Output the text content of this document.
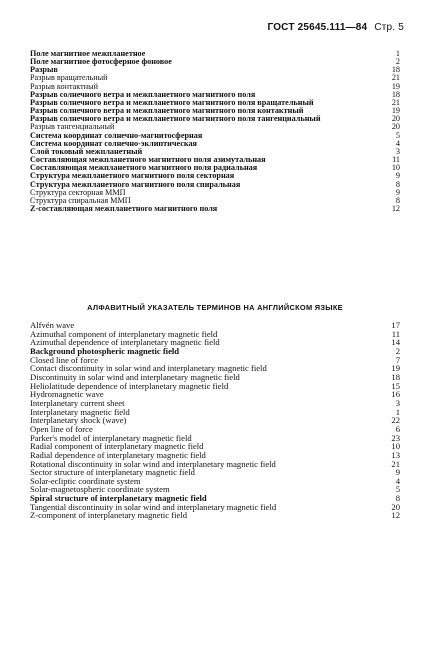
ГОСТ 25645.111—84 Стр. 5
Поле магнитное межпланетное	1
Поле магнитное фотосферное фоновое	2
Разрыв	18
Разрыв вращательный	21
Разрыв контактный	19
Разрыв солнечного ветра и межпланетного магнитного поля	18
Разрыв солнечного ветра и межпланетного магнитного поля вращательный	21
Разрыв солнечного ветра и межпланетного магнитного поля контактный	19
Разрыв солнечного ветра и межпланетного магнитного поля тангенциальный	20
Разрыв тангенциальный	20
Система координат солнечно-магнитосферная	5
Система координат солнечно-эклиптическая	4
Слой токовый межпланетный	3
Составляющая межпланетного магнитного поля азимутальная	11
Составляющая межпланетного магнитного поля радиальная	10
Структура межпланетного магнитного поля секторная	9
Структура межпланетного магнитного поля спиральная	8
Структура секторная ММП	9
Структура спиральная ММП	8
Z-составляющая межпланетного магнитного поля	12
АЛФАВИТНЫЙ УКАЗАТЕЛЬ ТЕРМИНОВ НА АНГЛИЙСКОМ ЯЗЫКЕ
Alfvén wave	17
Azimuthal component of interplanetary magnetic field	11
Azimuthal dependence of interplanetary magnetic field	14
Background photospheric magnetic field	2
Closed line of force	7
Contact discontinuity in solar wind and interplanetary magnetic field	19
Discontinuity in solar wind and interplanetary magnetic field	18
Heliolatitude dependence of interplanetary magnetic field	15
Hydromagnetic wave	16
Interplanetary current sheet	3
Interplanetary magnetic field	1
Interplanetary shock (wave)	22
Open line of force	6
Parker's model of interplanetary magnetic field	23
Radial component of interplanetary magnetic field	10
Radial dependence of interplanetary magnetic field	13
Rotational discontinuity in solar wind and interplanetary magnetic field	21
Sector structure of interplanetary magnetic field	9
Solar-ecliptic coordinate system	4
Solar-magnetospheric coordinate system	5
Spiral structure of interplanetary magnetic field	8
Tangential discontinuity in solar wind and interplanetary magnetic field	20
Z-component of interplanetary magnetic field	12
